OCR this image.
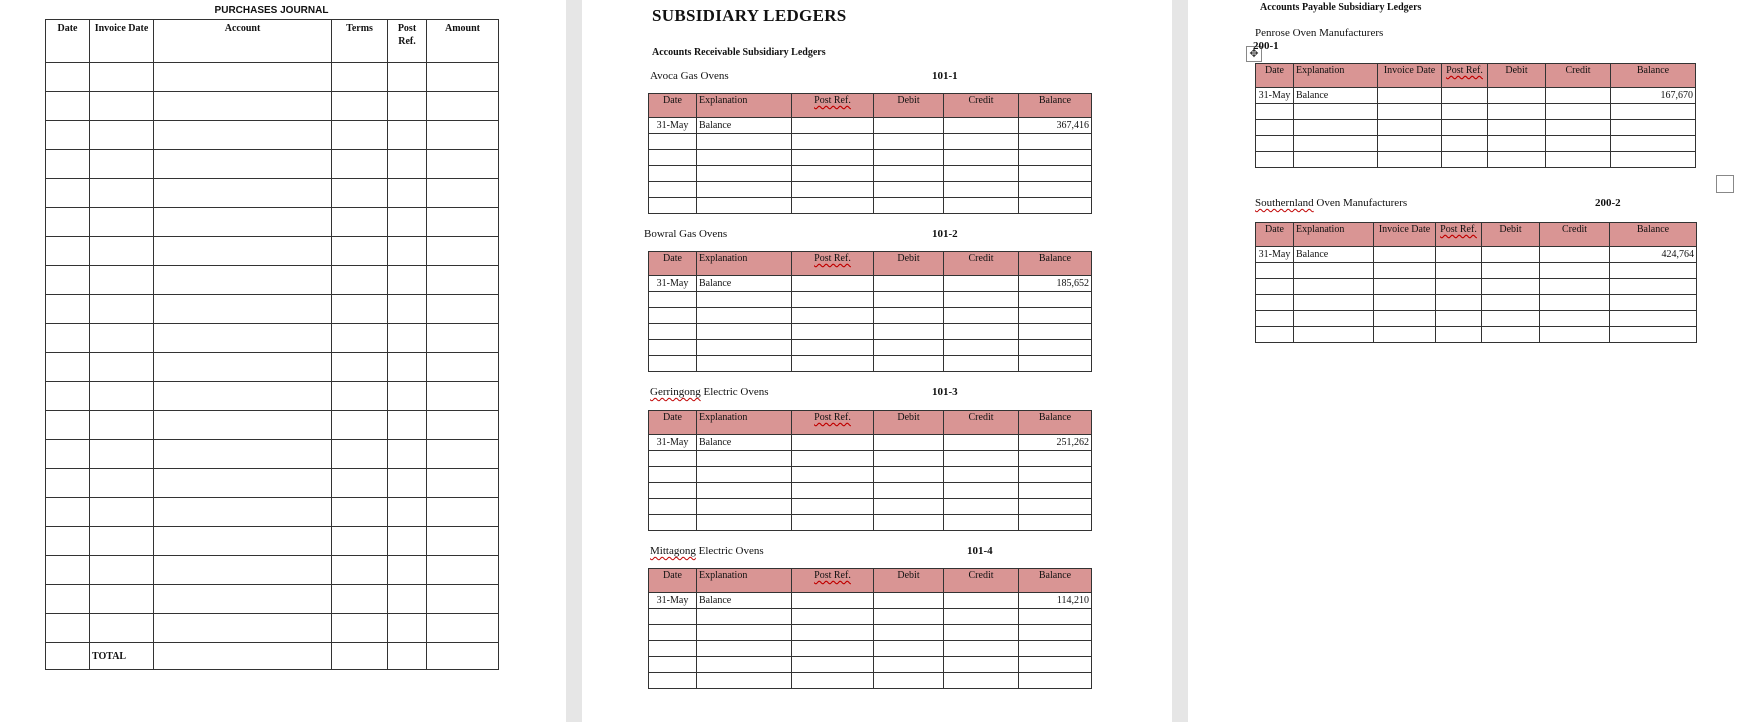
PURCHASES JOURNAL
Date	Invoice Date	Account	Terms	Post Ref.	Amount

	TOTAL				
SUBSIDIARY LEDGERS
Accounts Receivable Subsidiary Ledgers
Avoca Gas Ovens	101-1
Date	Explanation	Post Ref.	Debit	Credit	Balance
31-May	Balance				367,416

Bowral Gas Ovens	101-2
Date	Explanation	Post Ref.	Debit	Credit	Balance
31-May	Balance				185,652

Gerringong Electric Ovens	101-3
Date	Explanation	Post Ref.	Debit	Credit	Balance
31-May	Balance				251,262

Mittagong Electric Ovens	101-4
Date	Explanation	Post Ref.	Debit	Credit	Balance
31-May	Balance				114,210

Accounts Payable Subsidiary Ledgers
✥
Penrose Oven Manufacturers
200-1
Date	Explanation	Invoice Date	Post Ref.	Debit	Credit	Balance
31-May	Balance					167,670

Southernland Oven Manufacturers	200-2
Date	Explanation	Invoice Date	Post Ref.	Debit	Credit	Balance
31-May	Balance					424,764
